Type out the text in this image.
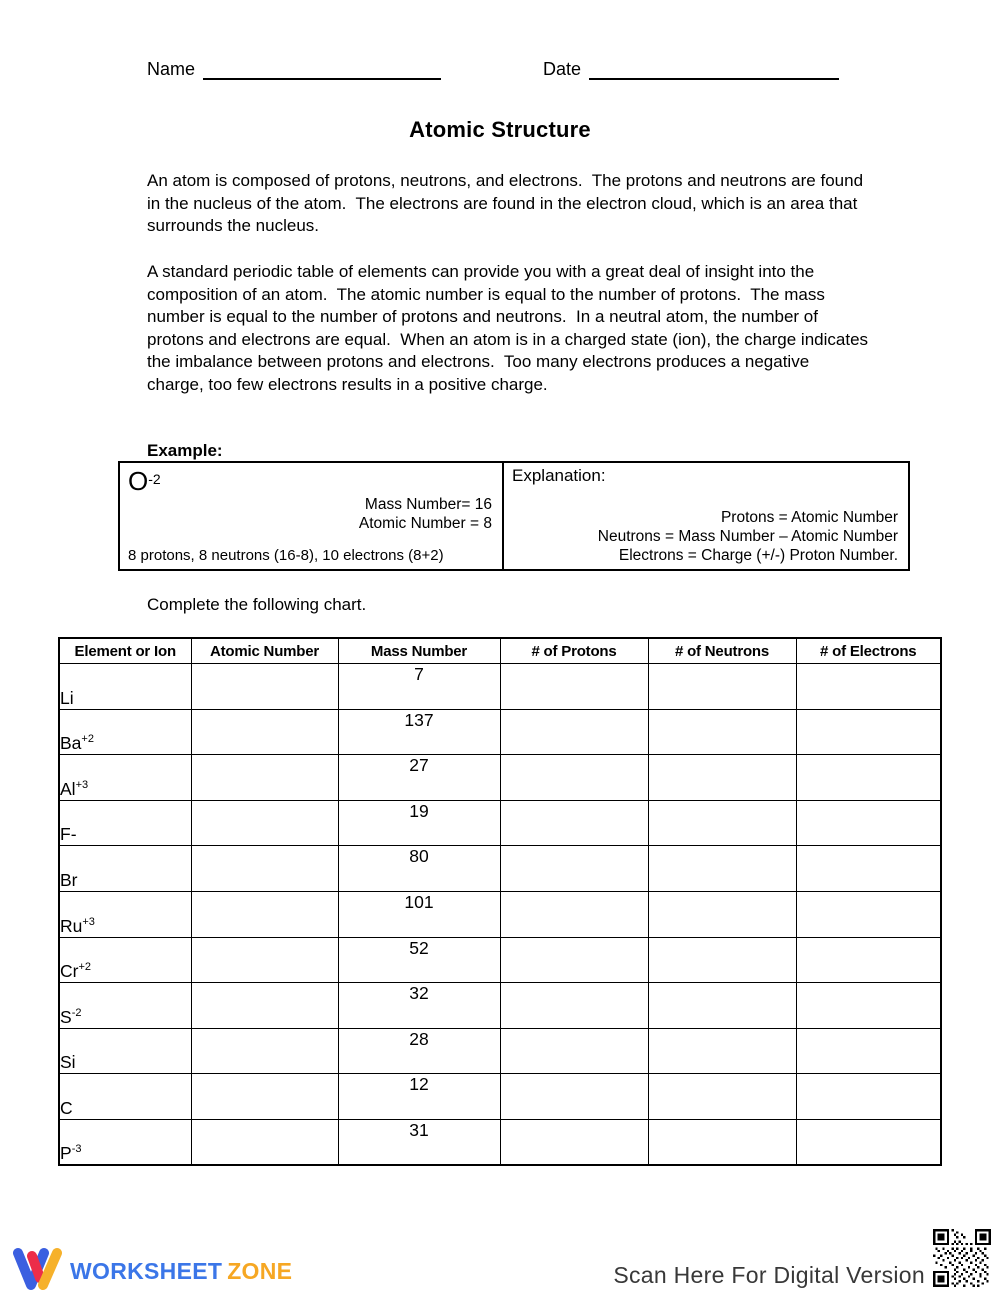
Name	Date
Atomic Structure
An atom is composed of protons, neutrons, and electrons.  The protons and neutrons are found in the nucleus of the atom.  The electrons are found in the electron cloud, which is an area that surrounds the nucleus.
A standard periodic table of elements can provide you with a great deal of insight into the composition of an atom.  The atomic number is equal to the number of protons.  The mass number is equal to the number of protons and neutrons.  In a neutral atom, the number of protons and electrons are equal.  When an atom is in a charged state (ion), the charge indicates the imbalance between protons and electrons.  Too many electrons produces a negative charge, too few electrons results in a positive charge.
Example:
$O^{-2}$
Mass Number= 16
Atomic Number = 8
8 protons, 8 neutrons (16-8), 10 electrons (8+2)
Explanation:
Protons = Atomic Number
Neutrons = Mass Number – Atomic Number
Electrons = Charge (+/-) Proton Number.
Complete the following chart.
Element or Ion	Atomic Number	Mass Number	# of Protons	# of Neutrons	# of Electrons
Li		7			
$Ba^{+2}$		137			
$Al^{+3}$		27			
F-		19			
Br		80			
$Ru^{+3}$		101			
$Cr^{+2}$		52			
$S^{-2}$		32			
Si		28			
C		12			
$P^{-3}$		31			
WORKSHEET ZONE	Scan Here For Digital Version
